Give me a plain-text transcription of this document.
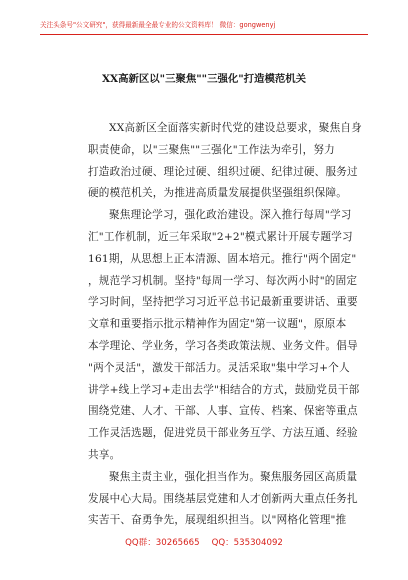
关注头条号"公文研究"，获得最新最全最专业的公文资料库！ 微信：gongwenyj
XX高新区以"三聚焦""三强化"打造模范机关
XX高新区全面落实新时代党的建设总要求，聚焦自身
职责使命，以"三聚焦""三强化"工作法为牵引，努力
打造政治过硬、理论过硬、组织过硬、纪律过硬、服务过
硬的模范机关，为推进高质量发展提供坚强组织保障。
聚焦理论学习，强化政治建设。深入推行每周"学习
汇"工作机制，近三年采取"2+2"模式累计开展专题学习
161期，从思想上正本清源、固本培元。推行"两个固定"
，规范学习机制。坚持"每周一学习、每次两小时"的固定
学习时间，坚持把学习习近平总书记最新重要讲话、重要
文章和重要指示批示精神作为固定"第一议题"，原原本
本学理论、学业务，学习各类政策法规、业务文件。倡导
"两个灵活"，激发干部活力。灵活采取"集中学习+个人
讲学+线上学习+走出去学"相结合的方式，鼓励党员干部
围绕党建、人才、干部、人事、宣传、档案、保密等重点
工作灵活选题，促进党员干部业务互学、方法互通、经验
共享。
聚焦主责主业，强化担当作为。聚焦服务园区高质量
发展中心大局。围绕基层党建和人才创新两大重点任务扎
实苦干、奋勇争先，展现组织担当。以"网格化管理"推
QQ群：30265665 QQ：535304092
